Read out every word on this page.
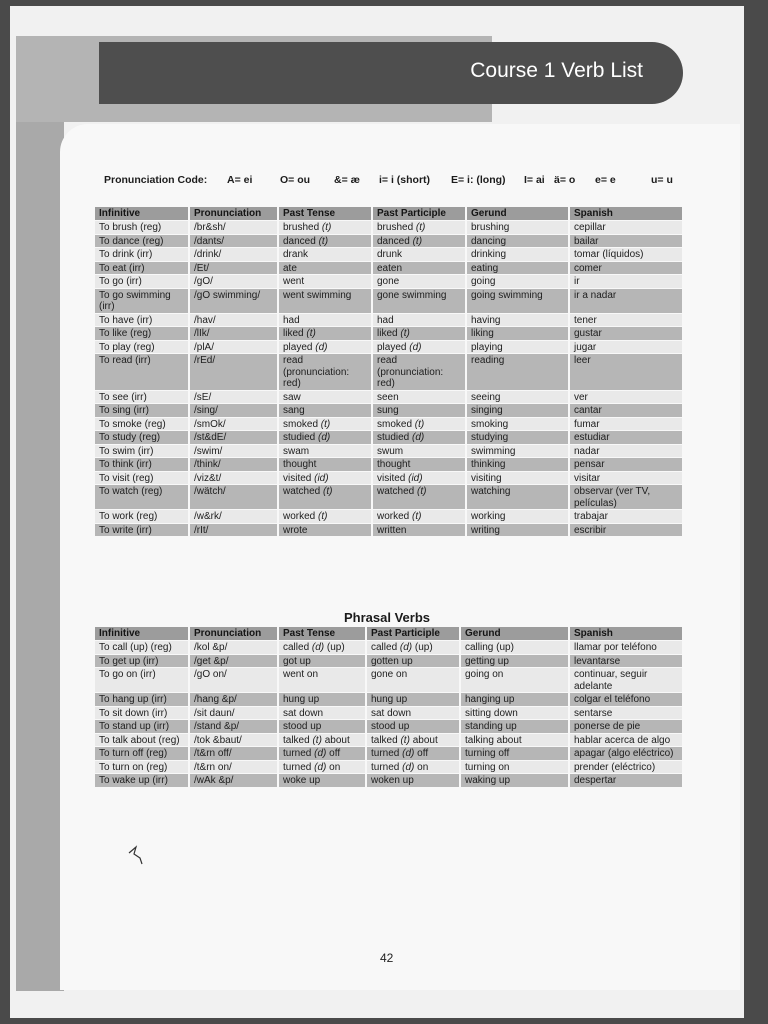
Course 1 Verb List
Pronunciation Code: A= ei	O= ou &= æ i= i (short) E= i: (long) I= ai ä= o e= e	u= u
Infinitive	Pronunciation	Past Tense	Past Participle	Gerund	Spanish
To brush (reg)	/br&sh/	brushed (t)	brushed (t)	brushing	cepillar
To dance (reg)	/dants/	danced (t)	danced (t)	dancing	bailar
To drink (irr)	/drink/	drank	drunk	drinking	tomar (líquidos)
To eat (irr)	/Et/	ate	eaten	eating	comer
To go (irr)	/gO/	went	gone	going	ir
To go swimming (irr)	/gO swimming/	went swimming	gone swimming	going swimming	ir a nadar
To have (irr)	/hav/	had	had	having	tener
To like (reg)	/lIk/	liked (t)	liked (t)	liking	gustar
To play (reg)	/plA/	played (d)	played (d)	playing	jugar
To read (irr)	/rEd/	read (pronunciation: red)	read (pronunciation: red)	reading	leer
To see (irr)	/sE/	saw	seen	seeing	ver
To sing (irr)	/sing/	sang	sung	singing	cantar
To smoke (reg)	/smOk/	smoked (t)	smoked (t)	smoking	fumar
To study (reg)	/st&dE/	studied (d)	studied (d)	studying	estudiar
To swim (irr)	/swim/	swam	swum	swimming	nadar
To think (irr)	/think/	thought	thought	thinking	pensar
To visit (reg)	/viz&t/	visited (id)	visited (id)	visiting	visitar
To watch (reg)	/wätch/	watched (t)	watched (t)	watching	observar (ver TV, películas)
To work (reg)	/w&rk/	worked (t)	worked (t)	working	trabajar
To write (irr)	/rIt/	wrote	written	writing	escribir
Phrasal Verbs
Infinitive	Pronunciation	Past Tense	Past Participle	Gerund	Spanish
To call (up) (reg)	/kol &p/	called (d) (up)	called (d) (up)	calling (up)	llamar por teléfono
To get up (irr)	/get &p/	got up	gotten up	getting up	levantarse
To go on (irr)	/gO on/	went on	gone on	going on	continuar, seguir adelante
To hang up (irr)	/hang &p/	hung up	hung up	hanging up	colgar el teléfono
To sit down (irr)	/sit daun/	sat down	sat down	sitting down	sentarse
To stand up (irr)	/stand &p/	stood up	stood up	standing up	ponerse de pie
To talk about (reg)	/tok &baut/	talked (t) about	talked (t) about	talking about	hablar acerca de algo
To turn off (reg)	/t&rn off/	turned (d) off	turned (d) off	turning off	apagar (algo eléctrico)
To turn on (reg)	/t&rn on/	turned (d) on	turned (d) on	turning on	prender (eléctrico)
To wake up (irr)	/wAk &p/	woke up	woken up	waking up	despertar
42
